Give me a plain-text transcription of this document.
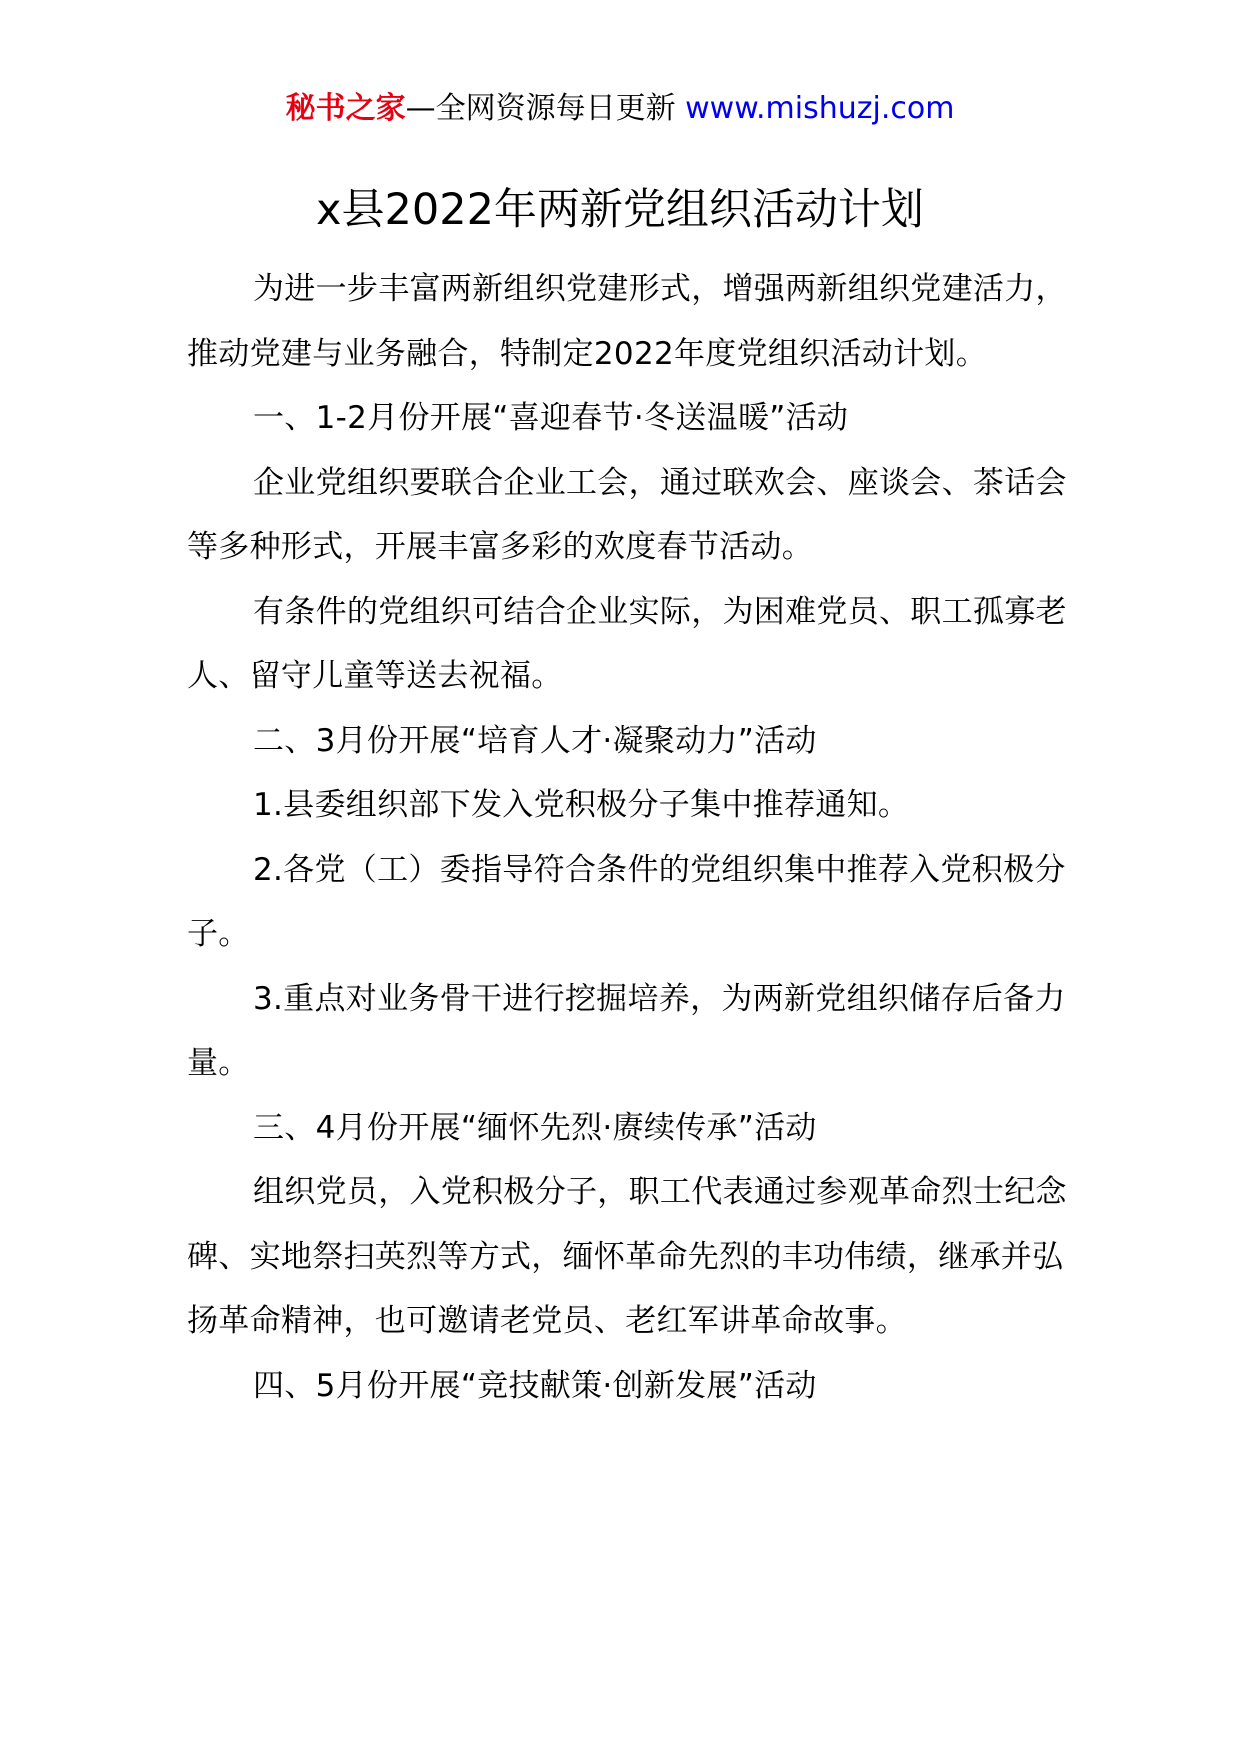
秘书之家—全网资源每日更新 www.mishuzj.com
x县2022年两新党组织活动计划

为进一步丰富两新组织党建形式，增强两新组织党建活力，推动党建与业务融合，特制定2022年度党组织活动计划。

一、1-2月份开展“喜迎春节·冬送温暖”活动

企业党组织要联合企业工会，通过联欢会、座谈会、茶话会等多种形式，开展丰富多彩的欢度春节活动。

有条件的党组织可结合企业实际，为困难党员、职工孤寡老人、留守儿童等送去祝福。

二、3月份开展“培育人才·凝聚动力”活动

1.县委组织部下发入党积极分子集中推荐通知。

2.各党（工）委指导符合条件的党组织集中推荐入党积极分子。

3.重点对业务骨干进行挖掘培养，为两新党组织储存后备力量。

三、4月份开展“缅怀先烈·赓续传承”活动

组织党员，入党积极分子，职工代表通过参观革命烈士纪念碑、实地祭扫英烈等方式，缅怀革命先烈的丰功伟绩，继承并弘扬革命精神，也可邀请老党员、老红军讲革命故事。

四、5月份开展“竞技献策·创新发展”活动
